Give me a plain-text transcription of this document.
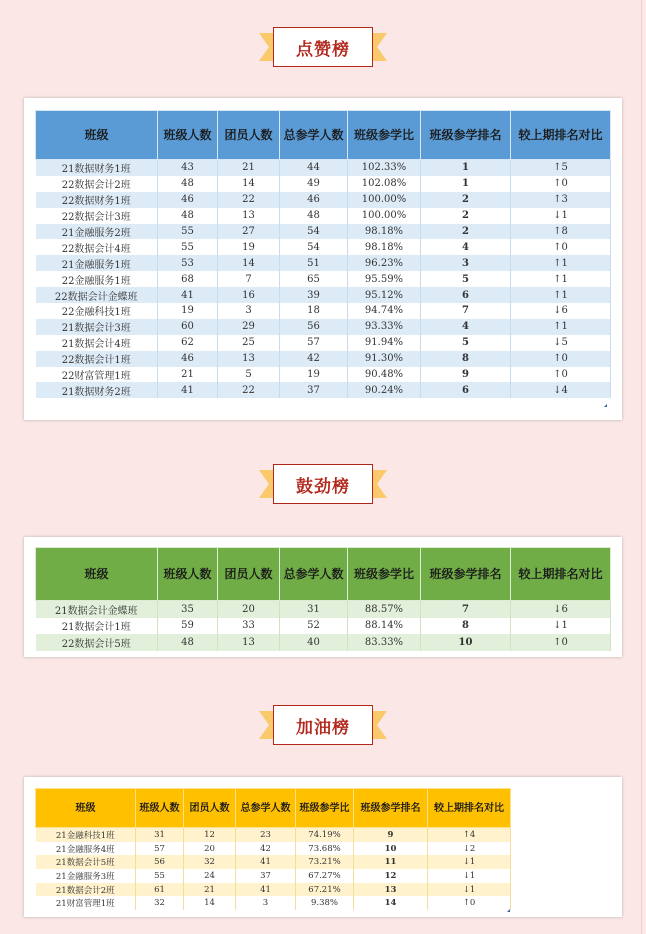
点赞榜
班级	班级人数	团员人数	总参学人数	班级参学比	班级参学排名	较上期排名对比
21数据财务1班	43	21	44	102.33%	1	↑5
22数据会计2班	48	14	49	102.08%	1	↑0
22数据财务1班	46	22	46	100.00%	2	↑3
22数据会计3班	48	13	48	100.00%	2	↓1
21金融服务2班	55	27	54	98.18%	2	↑8
22数据会计4班	55	19	54	98.18%	4	↑0
21金融服务1班	53	14	51	96.23%	3	↑1
22金融服务1班	68	7	65	95.59%	5	↑1
22数据会计金蝶班	41	16	39	95.12%	6	↑1
22金融科技1班	19	3	18	94.74%	7	↓6
21数据会计3班	60	29	56	93.33%	4	↑1
21数据会计4班	62	25	57	91.94%	5	↓5
22数据会计1班	46	13	42	91.30%	8	↑0
22财富管理1班	21	5	19	90.48%	9	↑0
21数据财务2班	41	22	37	90.24%	6	↓4
鼓劲榜
班级	班级人数	团员人数	总参学人数	班级参学比	班级参学排名	较上期排名对比
21数据会计金蝶班	35	20	31	88.57%	7	↓6
21数据会计1班	59	33	52	88.14%	8	↓1
22数据会计5班	48	13	40	83.33%	10	↑0
加油榜
班级	班级人数	团员人数	总参学人数	班级参学比	班级参学排名	较上期排名对比
21金融科技1班	31	12	23	74.19%	9	↑4
21金融服务4班	57	20	42	73.68%	10	↓2
21数据会计5班	56	32	41	73.21%	11	↓1
21金融服务3班	55	24	37	67.27%	12	↓1
21数据会计2班	61	21	41	67.21%	13	↓1
21财富管理1班	32	14	3	9.38%	14	↑0
